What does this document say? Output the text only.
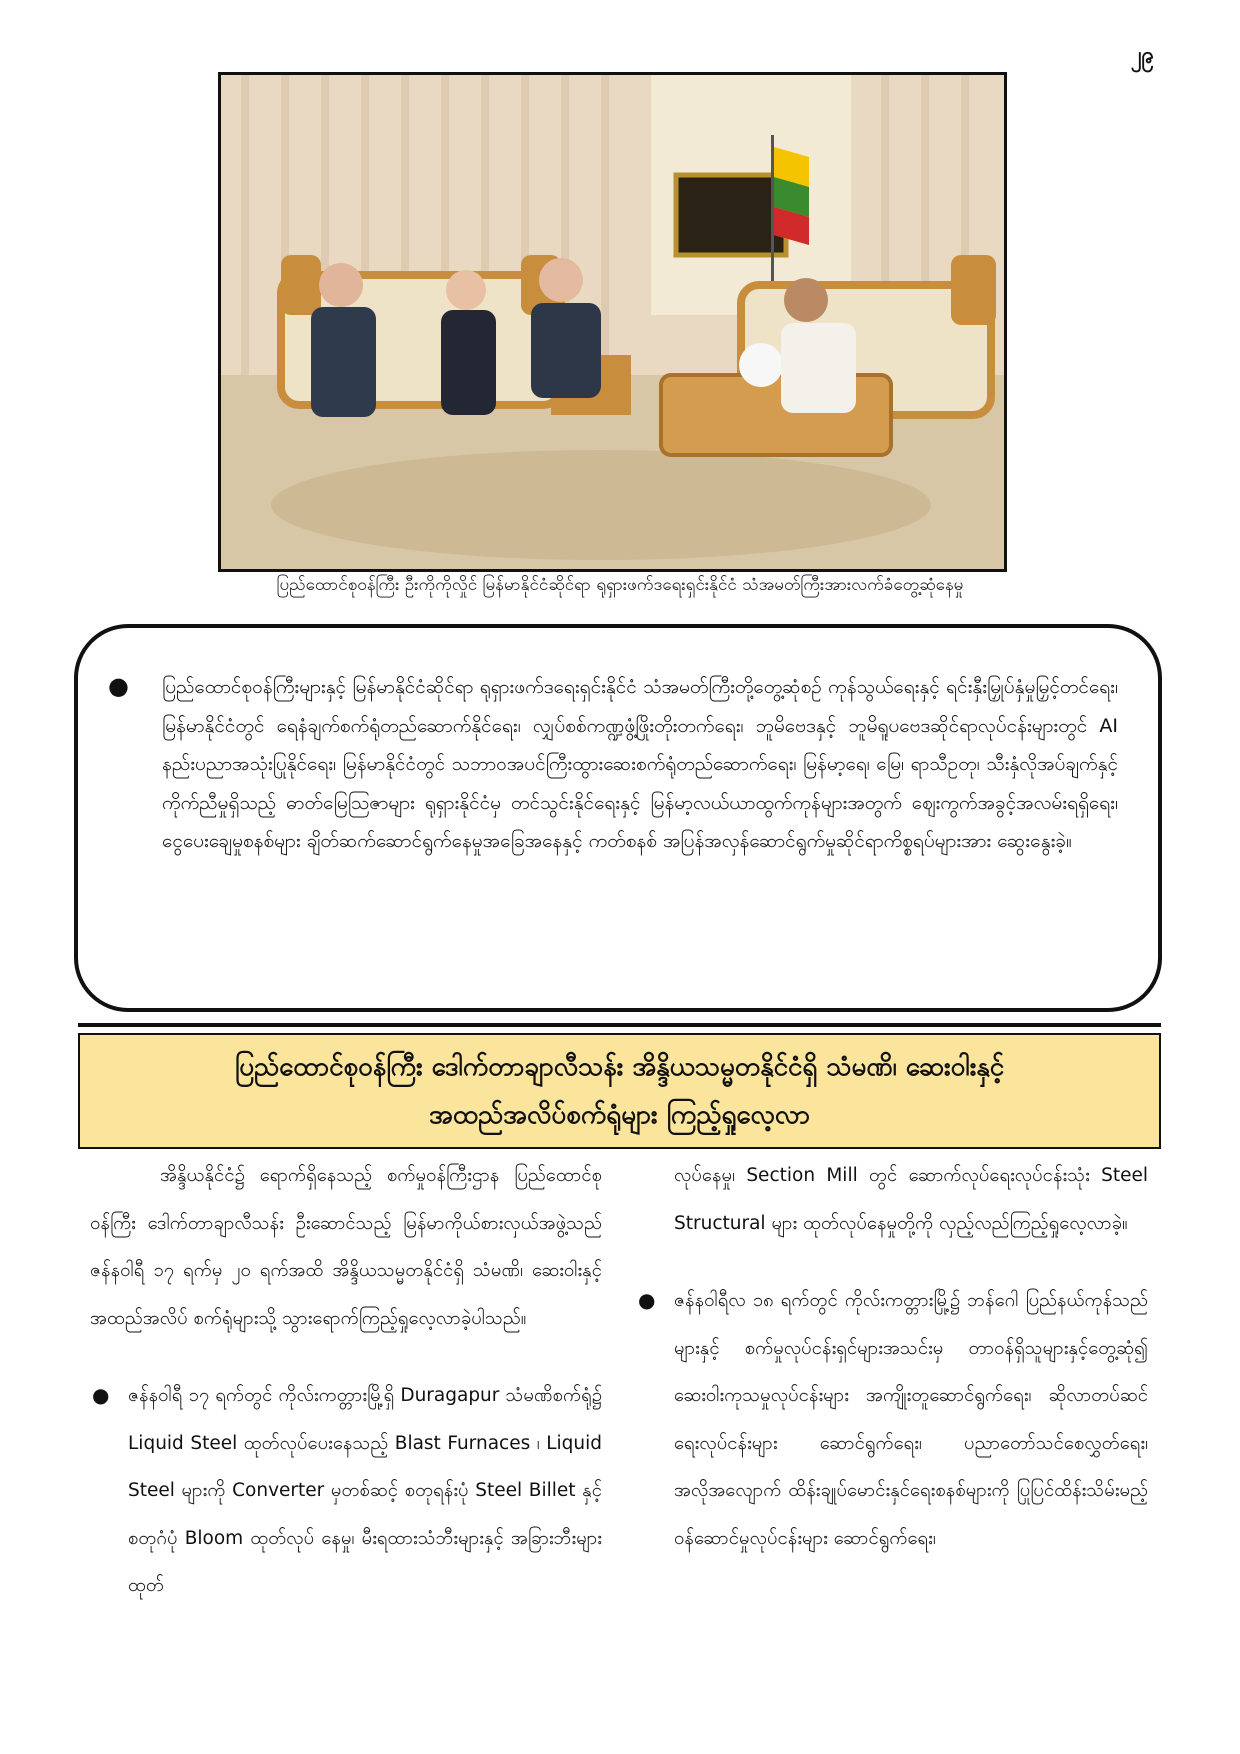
၂၉
ပြည်ထောင်စုဝန်ကြီး ဦးကိုကိုလှိုင် မြန်မာနိုင်ငံဆိုင်ရာ ရုရှားဖက်ဒရေးရှင်းနိုင်ငံ သံအမတ်ကြီးအားလက်ခံတွေ့ဆုံနေမှု
● ပြည်ထောင်စုဝန်ကြီးများနှင့် မြန်မာနိုင်ငံဆိုင်ရာ ရုရှားဖက်ဒရေးရှင်းနိုင်ငံ သံအမတ်ကြီးတို့တွေ့ဆုံစဉ် ကုန်သွယ်ရေးနှင့် ရင်းနှီးမြှုပ်နှံမှုမြှင့်တင်ရေး၊ မြန်မာနိုင်ငံတွင် ရေနံချက်စက်ရုံတည်ဆောက်နိုင်ရေး၊ လျှပ်စစ်ကဏ္ဍဖွံ့ဖြိုးတိုးတက်ရေး၊ ဘူမိဗေဒနှင့် ဘူမိရူပဗေဒဆိုင်ရာလုပ်ငန်းများတွင် AI နည်းပညာအသုံးပြုနိုင်ရေး၊ မြန်မာနိုင်ငံတွင် သဘာဝအပင်ကြီးထွားဆေးစက်ရုံတည်ဆောက်ရေး၊ မြန်မာ့ရေ၊ မြေ၊ ရာသီဥတု၊ သီးနှံလိုအပ်ချက်နှင့် ကိုက်ညီမှုရှိသည့် ဓာတ်မြေဩဇာများ ရုရှားနိုင်ငံမှ တင်သွင်းနိုင်ရေးနှင့် မြန်မာ့လယ်ယာထွက်ကုန်များအတွက် ဈေးကွက်အခွင့်အလမ်းရရှိရေး၊ ငွေပေးချေမှုစနစ်များ ချိတ်ဆက်ဆောင်ရွက်နေမှုအခြေအနေနှင့် ကတ်စနစ် အပြန်အလှန်ဆောင်ရွက်မှုဆိုင်ရာကိစ္စရပ်များအား ဆွေးနွေးခဲ့။

ပြည်ထောင်စုဝန်ကြီး ဒေါက်တာချာလီသန်း အိန္ဒိယသမ္မတနိုင်ငံရှိ သံမဏိ၊ ဆေးဝါးနှင့်
အထည်အလိပ်စက်ရုံများ ကြည့်ရှုလေ့လာ

အိန္ဒိယနိုင်ငံ၌ ရောက်ရှိနေသည့် စက်မှုဝန်ကြီးဌာန ပြည်ထောင်စုဝန်ကြီး ဒေါက်တာချာလီသန်း ဦးဆောင်သည့် မြန်မာကိုယ်စားလှယ်အဖွဲ့သည် ဇန်နဝါရီ ၁၇ ရက်မှ ၂၀ ရက်အထိ အိန္ဒိယသမ္မတနိုင်ငံရှိ သံမဏိ၊ ဆေးဝါးနှင့် အထည်အလိပ် စက်ရုံများသို့ သွားရောက်ကြည့်ရှုလေ့လာခဲ့ပါသည်။

● ဇန်နဝါရီ ၁၇ ရက်တွင် ကိုလ်းကတ္တားမြို့ရှိ Duragapur သံမဏိစက်ရုံ၌ Liquid Steel ထုတ်လုပ်ပေးနေသည့် Blast Furnaces ၊ Liquid Steel များကို Converter မှတစ်ဆင့် စတုရန်းပုံ Steel Billet နှင့် စတုဂံပုံ Bloom ထုတ်လုပ် နေမှု၊ မီးရထားသံဘီးများနှင့် အခြားဘီးများ ထုတ်

လုပ်နေမှု၊ Section Mill တွင် ဆောက်လုပ်ရေးလုပ်ငန်းသုံး Steel Structural များ ထုတ်လုပ်နေမှုတို့ကို လှည့်လည်ကြည့်ရှုလေ့လာခဲ့။

● ဇန်နဝါရီလ ၁၈ ရက်တွင် ကိုလ်းကတ္တားမြို့၌ ဘန်ဂေါ ပြည်နယ်ကုန်သည်များနှင့် စက်မှုလုပ်ငန်းရှင်များအသင်းမှ တာဝန်ရှိသူများနှင့်တွေ့ဆုံ၍ ဆေးဝါးကုသမှုလုပ်ငန်းများ အကျိုးတူဆောင်ရွက်ရေး၊ ဆိုလာတပ်ဆင်ရေးလုပ်ငန်းများ ဆောင်ရွက်ရေး၊ ပညာတော်သင်စေလွှတ်ရေး၊ အလိုအလျောက် ထိန်းချုပ်မောင်းနှင်ရေးစနစ်များကို ပြုပြင်ထိန်းသိမ်းမည့်ဝန်ဆောင်မှုလုပ်ငန်းများ ဆောင်ရွက်ရေး၊
